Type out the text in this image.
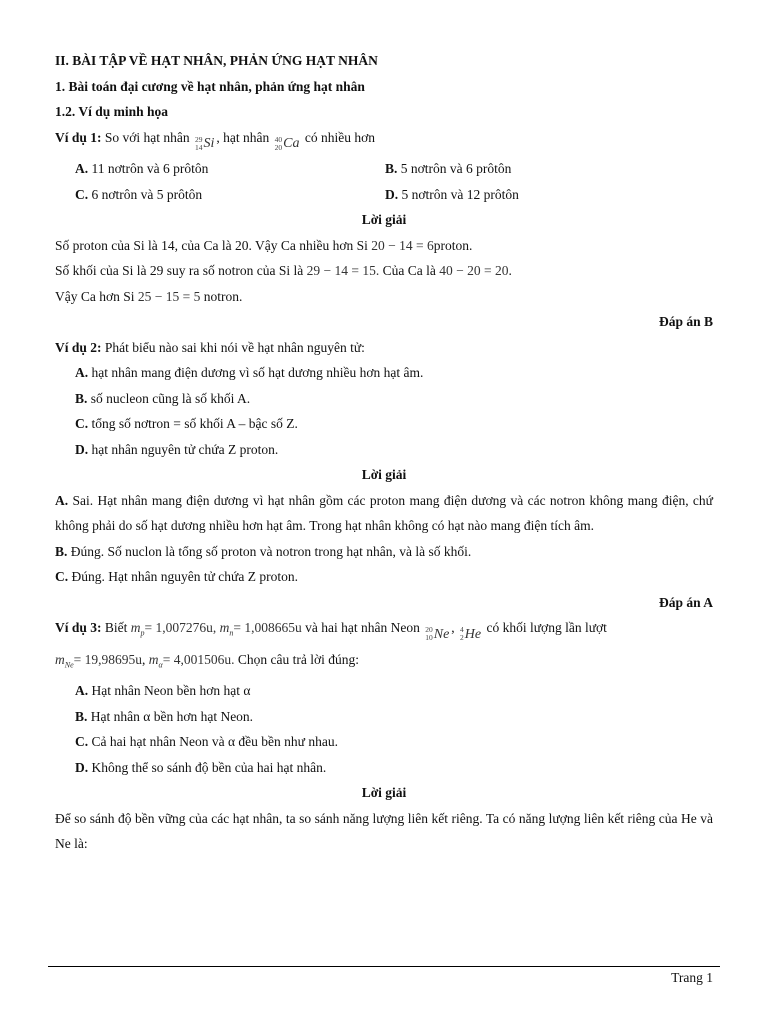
II. BÀI TẬP VỀ HẠT NHÂN, PHẢN ỨNG HẠT NHÂN
1. Bài toán đại cương về hạt nhân, phản ứng hạt nhân
1.2. Ví dụ minh họa
Ví dụ 1: So với hạt nhân 29
14 Si , hạt nhân 40
20 Ca có nhiều hơn
A. 11 nơtrôn và 6 prôtôn	B. 5 nơtrôn và 6 prôtôn
C. 6 nơtrôn và 5 prôtôn	D. 5 nơtrôn và 12 prôtôn
Lời giải
Số proton của Si là 14, của Ca là 20. Vậy Ca nhiều hơn Si 20 − 14 = 6proton.
Số khối của Si là 29 suy ra số notron của Si là 29 − 14 = 15. Của Ca là 40 − 20 = 20.
Vậy Ca hơn Si 25 − 15 = 5 notron.
Đáp án B
Ví dụ 2: Phát biểu nào sai khi nói về hạt nhân nguyên tử:
A. hạt nhân mang điện dương vì số hạt dương nhiều hơn hạt âm.
B. số nucleon cũng là số khối A.
C. tổng số nơtron = số khối A – bậc số Z.
D. hạt nhân nguyên tử chứa Z proton.
Lời giải
A. Sai. Hạt nhân mang điện dương vì hạt nhân gồm các proton mang điện dương và các notron không mang điện, chứ không phải do số hạt dương nhiều hơn hạt âm. Trong hạt nhân không có hạt nào mang điện tích âm.
B. Đúng. Số nuclon là tổng số proton và notron trong hạt nhân, và là số khối.
C. Đúng. Hạt nhân nguyên tử chứa Z proton.
Đáp án A
Ví dụ 3: Biết $m_p= 1,007276u$, $m_n= 1,008665u$ và hai hạt nhân Neon 20
10 Ne , 4
2 He có khối lượng lần lượt
$m_{Ne}= 19,98695u$, $m_\alpha= 4,001506u$. Chọn câu trả lời đúng:
A. Hạt nhân Neon bền hơn hạt α
B. Hạt nhân α bền hơn hạt Neon.
C. Cả hai hạt nhân Neon và α đều bền như nhau.
D. Không thể so sánh độ bền của hai hạt nhân.
Lời giải
Để so sánh độ bền vững của các hạt nhân, ta so sánh năng lượng liên kết riêng. Ta có năng lượng liên kết riêng của He và Ne là:
Trang 1
